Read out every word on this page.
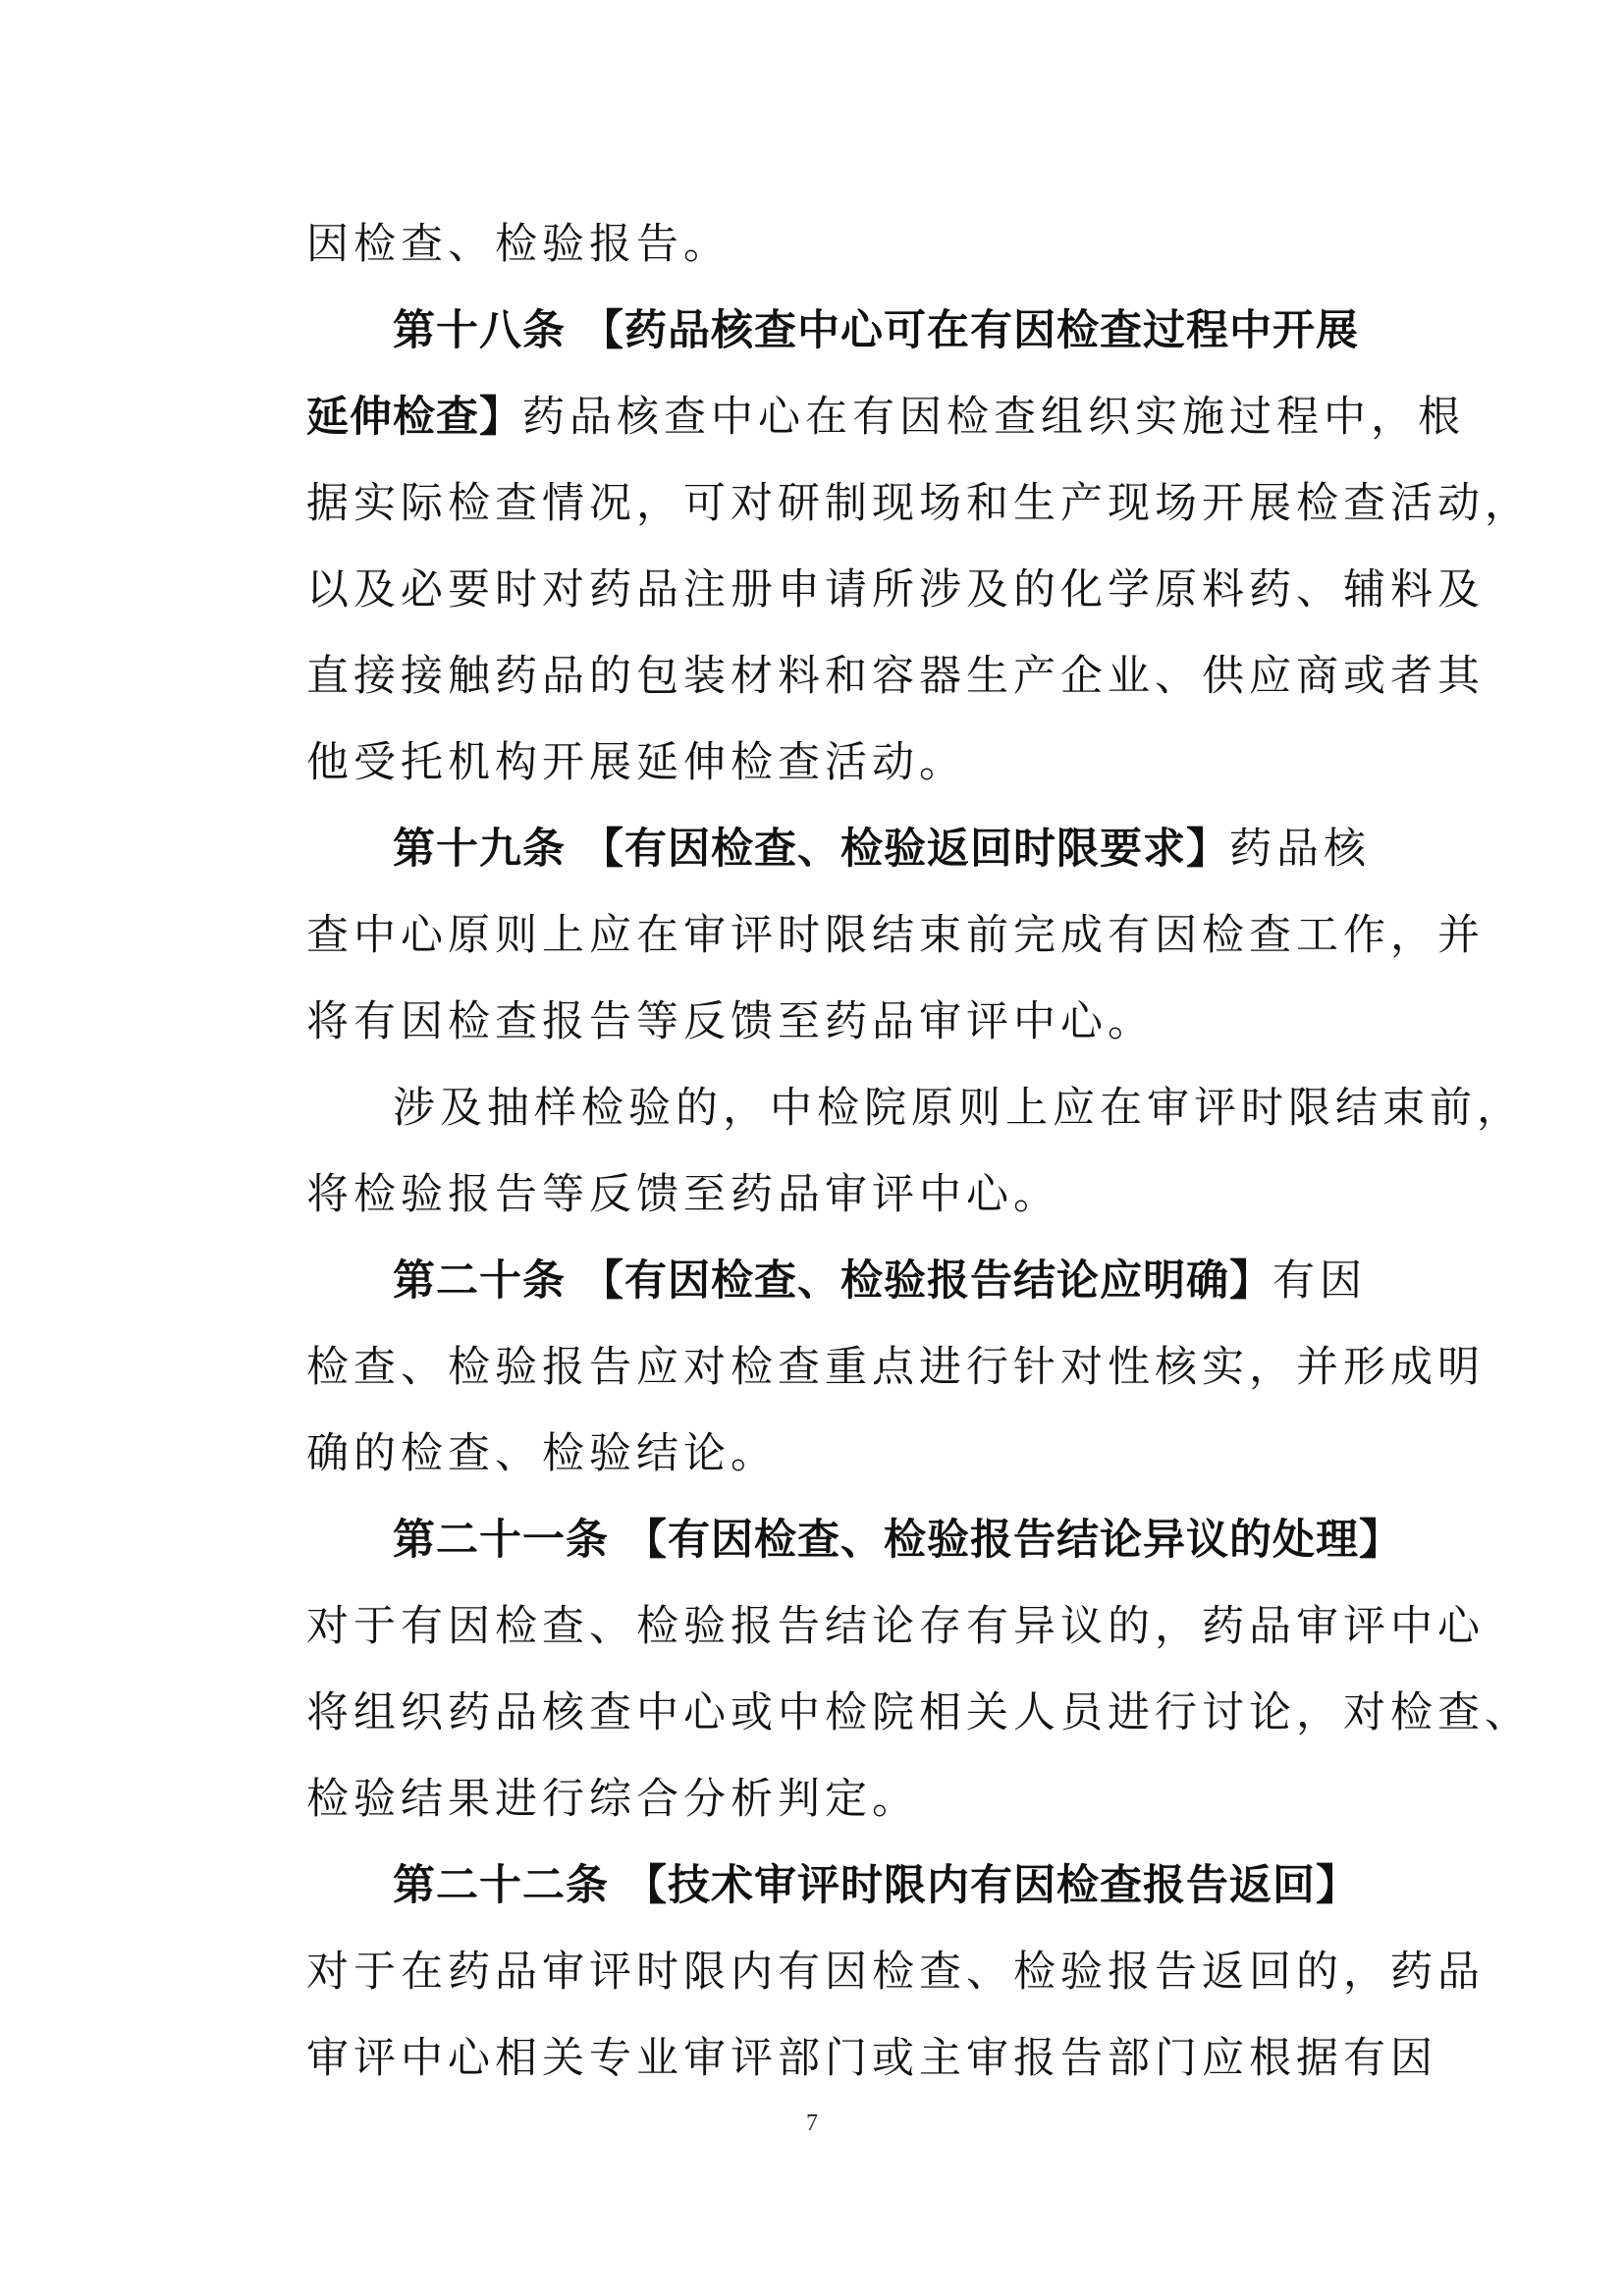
因检查、检验报告。
第十八条 【药品核查中心可在有因检查过程中开展
延伸检查】药品核查中心在有因检查组织实施过程中，根
据实际检查情况，可对研制现场和生产现场开展检查活动，
以及必要时对药品注册申请所涉及的化学原料药、辅料及
直接接触药品的包装材料和容器生产企业、供应商或者其
他受托机构开展延伸检查活动。
第十九条 【有因检查、检验返回时限要求】药品核
查中心原则上应在审评时限结束前完成有因检查工作，并
将有因检查报告等反馈至药品审评中心。
涉及抽样检验的，中检院原则上应在审评时限结束前，
将检验报告等反馈至药品审评中心。
第二十条 【有因检查、检验报告结论应明确】有因
检查、检验报告应对检查重点进行针对性核实，并形成明
确的检查、检验结论。
第二十一条 【有因检查、检验报告结论异议的处理】
对于有因检查、检验报告结论存有异议的，药品审评中心
将组织药品核查中心或中检院相关人员进行讨论，对检查、
检验结果进行综合分析判定。
第二十二条 【技术审评时限内有因检查报告返回】
对于在药品审评时限内有因检查、检验报告返回的，药品
审评中心相关专业审评部门或主审报告部门应根据有因
7
